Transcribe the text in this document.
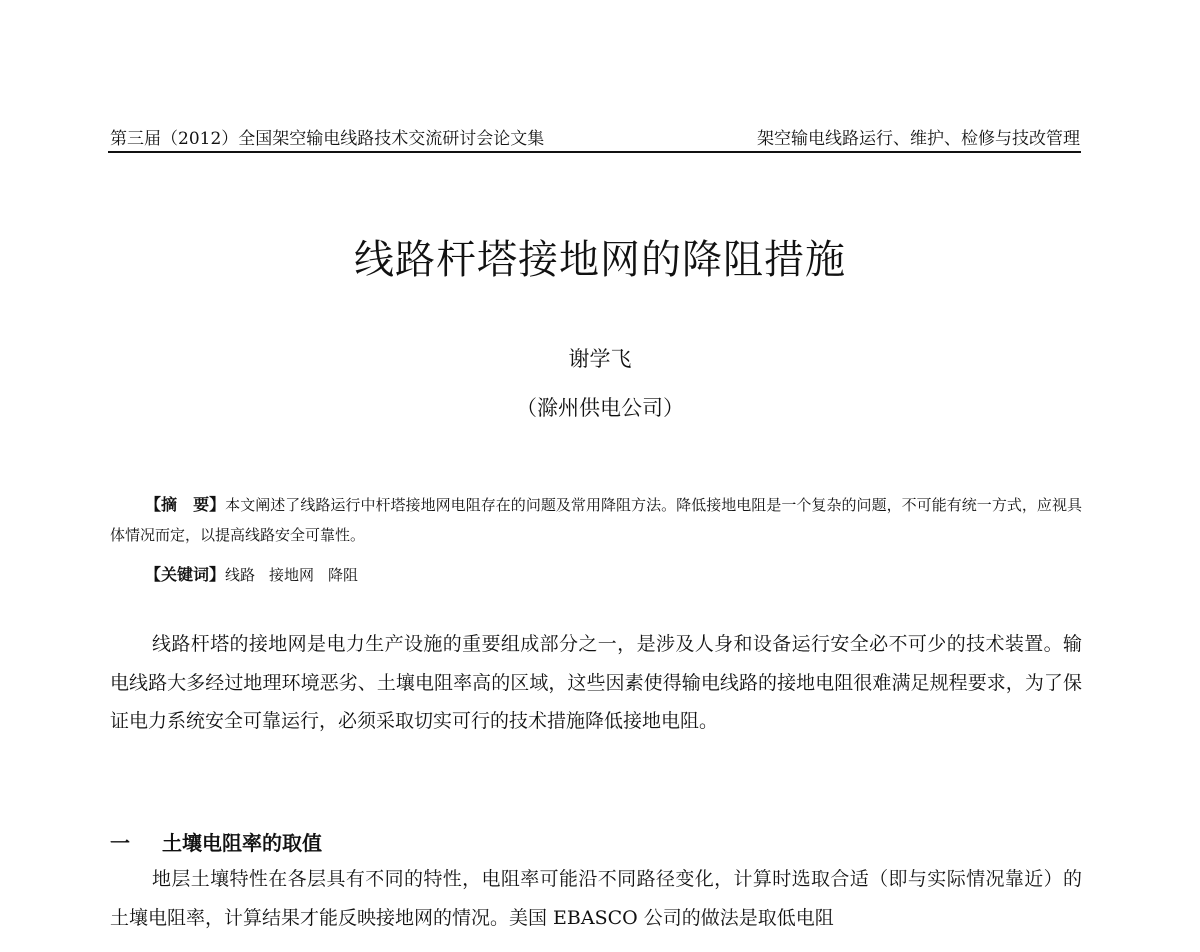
第三届（2012）全国架空输电线路技术交流研讨会论文集	架空输电线路运行、维护、检修与技改管理
线路杆塔接地网的降阻措施
谢学飞
（滁州供电公司）

【摘　要】本文阐述了线路运行中杆塔接地网电阻存在的问题及常用降阻方法。降低接地电阻是一个复杂的问题，不可能有统一方式，应视具体情况而定，以提高线路安全可靠性。

【关键词】线路 接地网 降阻

线路杆塔的接地网是电力生产设施的重要组成部分之一，是涉及人身和设备运行安全必不可少的技术装置。输电线路大多经过地理环境恶劣、土壤电阻率高的区域，这些因素使得输电线路的接地电阻很难满足规程要求，为了保证电力系统安全可靠运行，必须采取切实可行的技术措施降低接地电阻。

一 土壤电阻率的取值

地层土壤特性在各层具有不同的特性，电阻率可能沿不同路径变化，计算时选取合适（即与实际情况靠近）的土壤电阻率，计算结果才能反映接地网的情况。美国 EBASCO 公司的做法是取低电阻
